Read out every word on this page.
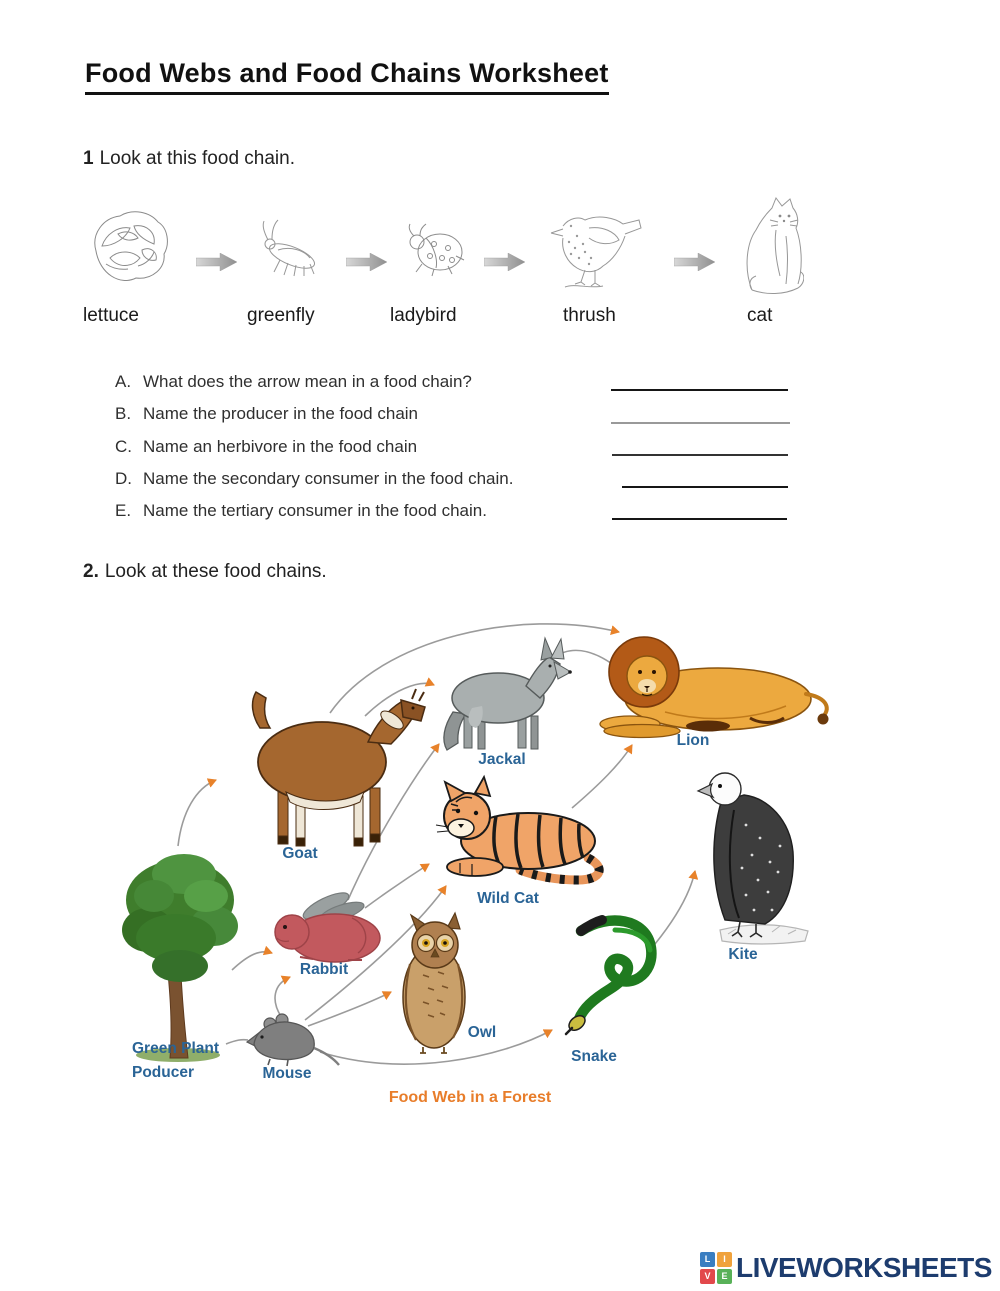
Food Webs and Food Chains Worksheet
1 Look at this food chain.
lettuce	greenfly	ladybird	thrush	cat
A. What does the arrow mean in a food chain?
B. Name the producer in the food chain
C. Name an herbivore in the food chain
D. Name the secondary consumer in the food chain.
E. Name the tertiary consumer in the food chain.
2. Look at these food chains.
Goat
Jackal
Lion
Wild Cat
Kite
Rabbit
Owl
Snake
Mouse
Green Plant
Poducer
Food Web in a Forest
L	I
V	E LIVEWORKSHEETS
